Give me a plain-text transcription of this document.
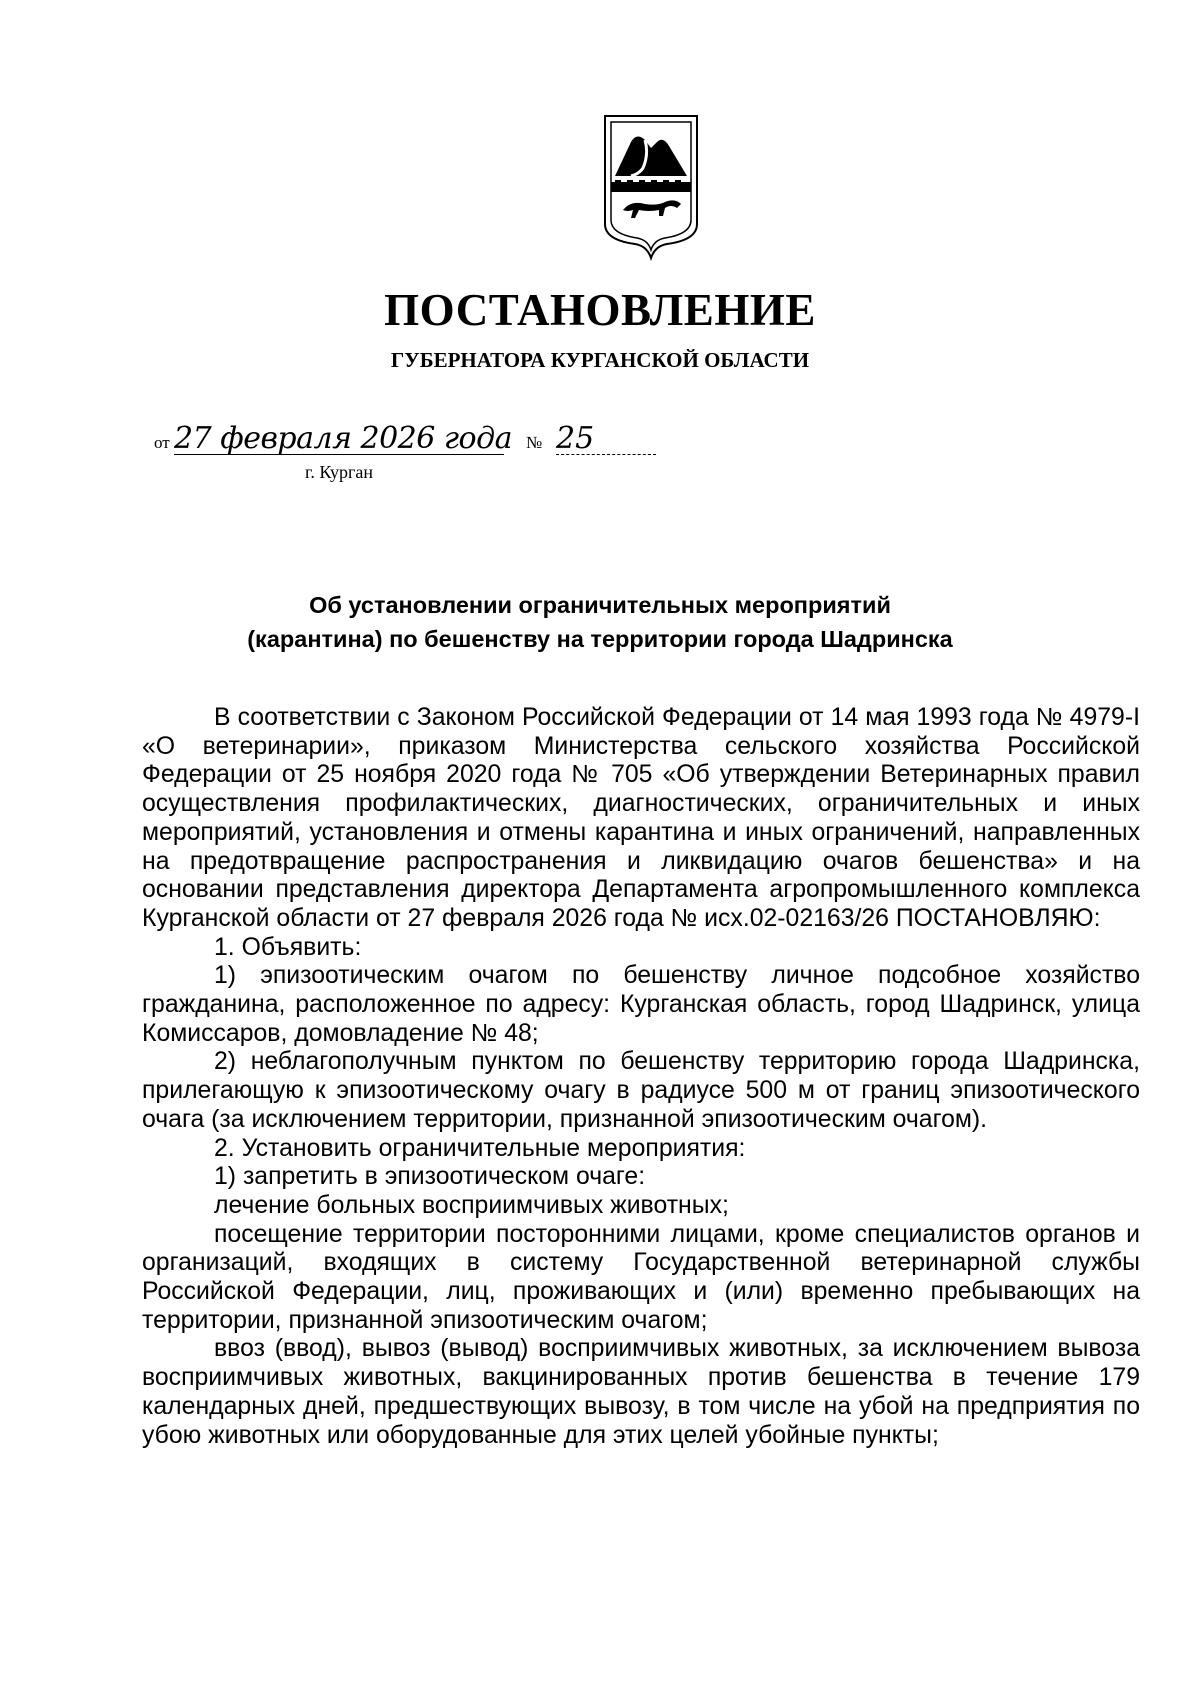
ПОСТАНОВЛЕНИЕ
ГУБЕРНАТОРА КУРГАНСКОЙ ОБЛАСТИ
от 27 февраля 2026 года № 25
г. Курган
Об установлении ограничительных мероприятий
(карантина) по бешенству на территории города Шадринска

В соответствии с Законом Российской Федерации от 14 мая 1993 года № 4979-I «О ветеринарии», приказом Министерства сельского хозяйства Российской Федерации от 25 ноября 2020 года № 705 «Об утверждении Ветеринарных правил осуществления профилактических, диагностических, ограничительных и иных мероприятий, установления и отмены карантина и иных ограничений, направленных на предотвращение распространения и ликвидацию очагов бешенства» и на основании представления директора Департамента агропромышленного комплекса Курганской области от 27 февраля 2026 года № исх.02-02163/26 ПОСТАНОВЛЯЮ:

1. Объявить:

1) эпизоотическим очагом по бешенству личное подсобное хозяйство гражданина, расположенное по адресу: Курганская область, город Шадринск, улица Комиссаров, домовладение № 48;

2) неблагополучным пунктом по бешенству территорию города Шадринска, прилегающую к эпизоотическому очагу в радиусе 500 м от границ эпизоотического очага (за исключением территории, признанной эпизоотическим очагом).

2. Установить ограничительные мероприятия:

1) запретить в эпизоотическом очаге:

лечение больных восприимчивых животных;

посещение территории посторонними лицами, кроме специалистов органов и организаций, входящих в систему Государственной ветеринарной службы Российской Федерации, лиц, проживающих и (или) временно пребывающих на территории, признанной эпизоотическим очагом;

ввоз (ввод), вывоз (вывод) восприимчивых животных, за исключением вывоза восприимчивых животных, вакцинированных против бешенства в течение 179 календарных дней, предшествующих вывозу, в том числе на убой на предприятия по убою животных или оборудованные для этих целей убойные пункты;
